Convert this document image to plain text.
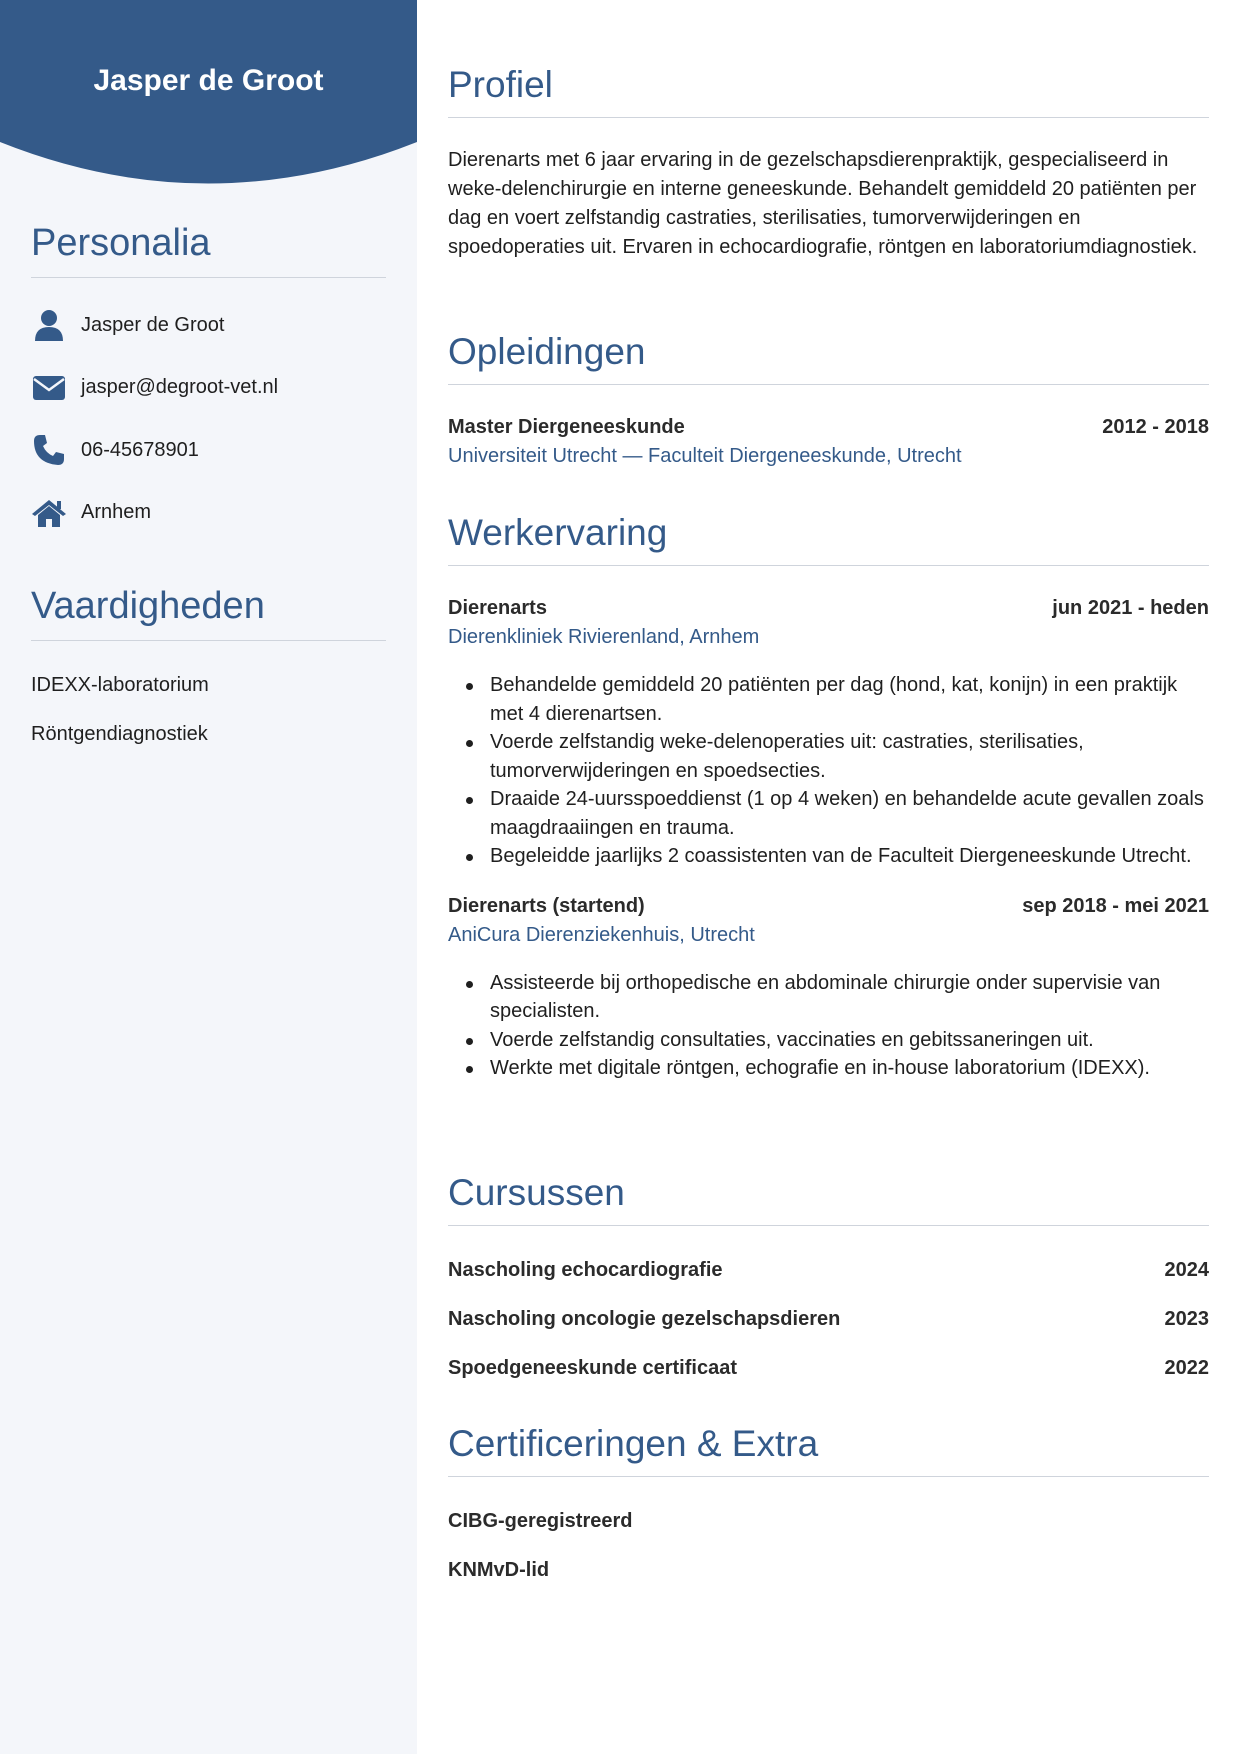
Jasper de Groot
Personalia
Jasper de Groot
jasper@degroot-vet.nl
06-45678901
Arnhem
Vaardigheden
IDEXX-laboratorium
Röntgendiagnostiek
Profiel

Dierenarts met 6 jaar ervaring in de gezelschapsdierenpraktijk, gespecialiseerd in weke-delenchirurgie en interne geneeskunde. Behandelt gemiddeld 20 patiënten per dag en voert zelfstandig castraties, sterilisaties, tumorverwijderingen en spoedoperaties uit. Ervaren in echocardiografie, röntgen en laboratoriumdiagnostiek.

Opleidingen
Master Diergeneeskunde	2012 - 2018
Universiteit Utrecht — Faculteit Diergeneeskunde, Utrecht
Werkervaring
Dierenarts	jun 2021 - heden
Dierenkliniek Rivierenland, Arnhem
Behandelde gemiddeld 20 patiënten per dag (hond, kat, konijn) in een praktijk met 4 dierenartsen.
Voerde zelfstandig weke-delenoperaties uit: castraties, sterilisaties, tumorverwijderingen en spoedsecties.
Draaide 24-uursspoeddienst (1 op 4 weken) en behandelde acute gevallen zoals maagdraaiingen en trauma.
Begeleidde jaarlijks 2 coassistenten van de Faculteit Diergeneeskunde Utrecht.
Dierenarts (startend)	sep 2018 - mei 2021
AniCura Dierenziekenhuis, Utrecht
Assisteerde bij orthopedische en abdominale chirurgie onder supervisie van specialisten.
Voerde zelfstandig consultaties, vaccinaties en gebitssaneringen uit.
Werkte met digitale röntgen, echografie en in-house laboratorium (IDEXX).
Cursussen
Nascholing echocardiografie	2024
Nascholing oncologie gezelschapsdieren	2023
Spoedgeneeskunde certificaat	2022
Certificeringen & Extra
CIBG-geregistreerd
KNMvD-lid
